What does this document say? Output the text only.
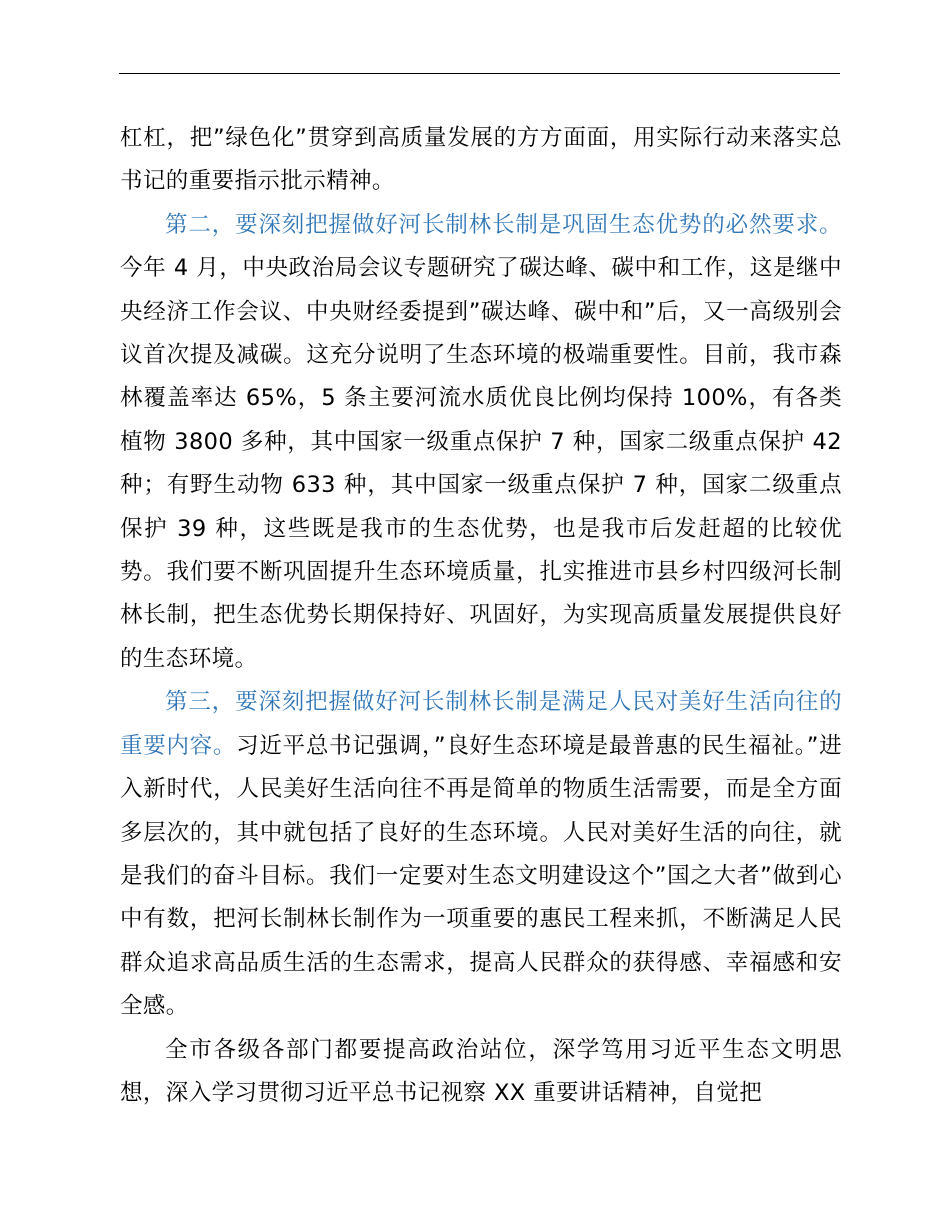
杠杠，把”绿色化”贯穿到高质量发展的方方面面，用实际行动来落实总书记的重要指示批示精神。

第二，要深刻把握做好河长制林长制是巩固生态优势的必然要求。今年 4 月，中央政治局会议专题研究了碳达峰、碳中和工作，这是继中央经济工作会议、中央财经委提到”碳达峰、碳中和”后，又一高级别会议首次提及减碳。这充分说明了生态环境的极端重要性。目前，我市森林覆盖率达 65%，5 条主要河流水质优良比例均保持 100%，有各类植物 3800 多种，其中国家一级重点保护 7 种，国家二级重点保护 42 种；有野生动物 633 种，其中国家一级重点保护 7 种，国家二级重点保护 39 种，这些既是我市的生态优势，也是我市后发赶超的比较优势。我们要不断巩固提升生态环境质量，扎实推进市县乡村四级河长制林长制，把生态优势长期保持好、巩固好，为实现高质量发展提供良好的生态环境。

第三，要深刻把握做好河长制林长制是满足人民对美好生活向往的重要内容。习近平总书记强调，”良好生态环境是最普惠的民生福祉。”进入新时代，人民美好生活向往不再是简单的物质生活需要，而是全方面多层次的，其中就包括了良好的生态环境。人民对美好生活的向往，就是我们的奋斗目标。我们一定要对生态文明建设这个”国之大者”做到心中有数，把河长制林长制作为一项重要的惠民工程来抓，不断满足人民群众追求高品质生活的生态需求，提高人民群众的获得感、幸福感和安全感。

全市各级各部门都要提高政治站位，深学笃用习近平生态文明思想，深入学习贯彻习近平总书记视察 XX 重要讲话精神，自觉把
